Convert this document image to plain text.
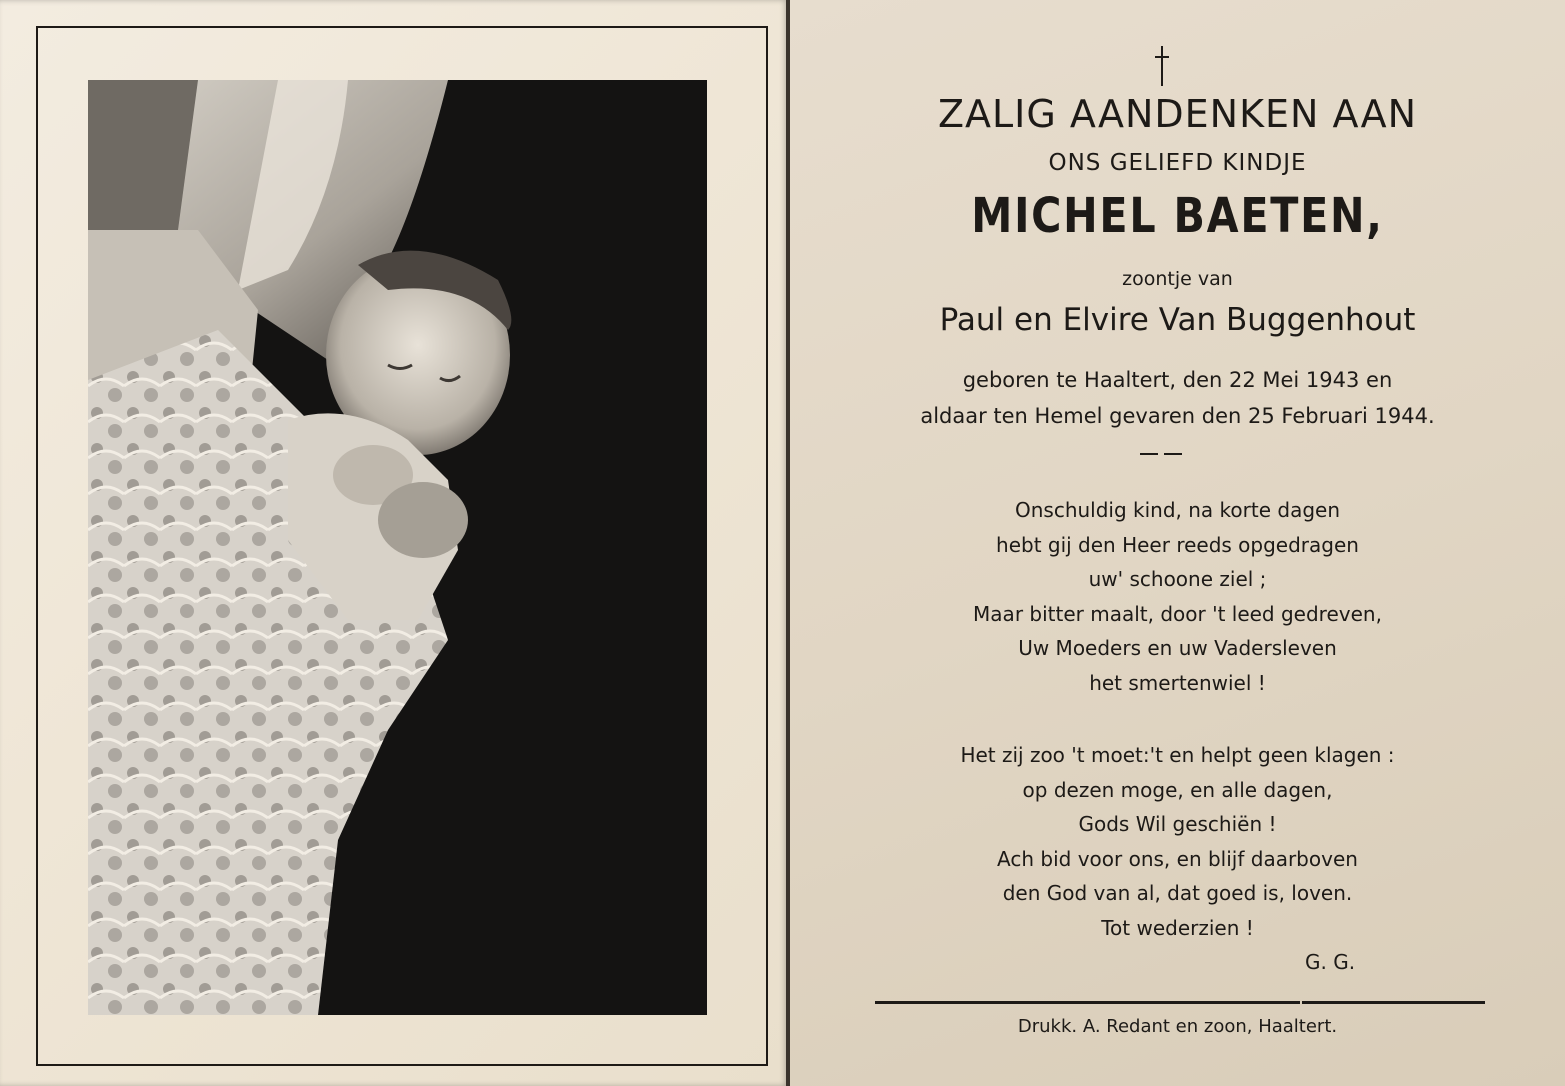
ZALIG AANDENKEN AAN
ONS GELIEFD KINDJE
MICHEL BAETEN,
zoontje van
Paul en Elvire Van Buggenhout
geboren te Haaltert, den 22 Mei 1943 en
aldaar ten Hemel gevaren den 25 Februari 1944.
Onschuldig kind, na korte dagen
hebt gij den Heer reeds opgedragen
uw' schoone ziel ;
Maar bitter maalt, door 't leed gedreven,
Uw Moeders en uw Vadersleven
het smertenwiel !
Het zij zoo 't moet:'t en helpt geen klagen :
op dezen moge, en alle dagen,
Gods Wil geschiën !
Ach bid voor ons, en blijf daarboven
den God van al, dat goed is, loven.
Tot wederzien !
G. G.
Drukk. A. Redant en zoon, Haaltert.
